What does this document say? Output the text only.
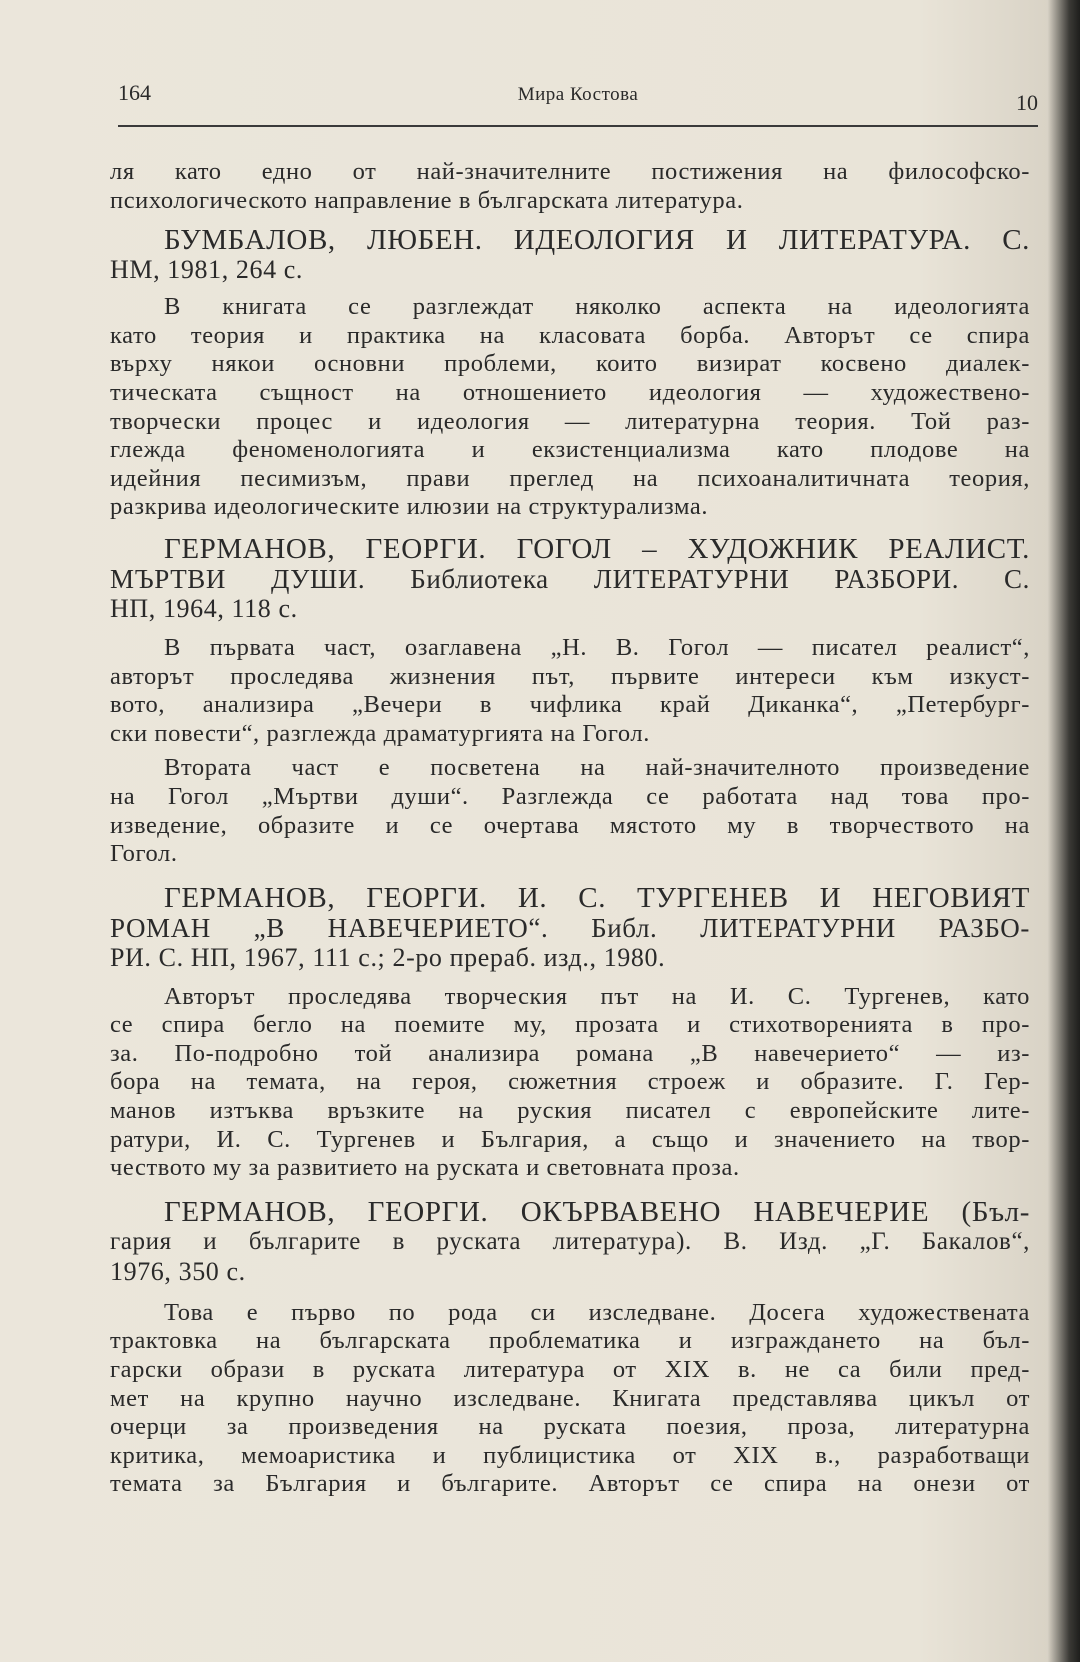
164	Мира Костова	10

ля като едно от най-значителните постижения на философско-

психологическото направление в българската литература.

БУМБАЛОВ, ЛЮБЕН. ИДЕОЛОГИЯ И ЛИТЕРАТУРА. С.

НМ, 1981, 264 с.

В книгата се разглеждат няколко аспекта на идеологията

като теория и практика на класовата борба. Авторът се спира

върху някои основни проблеми, които визират косвено диалек-

тическата същност на отношението идеология — художествено-

творчески процес и идеология — литературна теория. Той раз-

глежда феноменологията и екзистенциализма като плодове на

идейния песимизъм, прави преглед на психоаналитичната теория,

разкрива идеологическите илюзии на структурализма.

ГЕРМАНОВ, ГЕОРГИ. ГОГОЛ – ХУДОЖНИК РЕАЛИСТ.

МЪРТВИ ДУШИ. Библиотека ЛИТЕРАТУРНИ РАЗБОРИ. С.

НП, 1964, 118 с.

В първата част, озаглавена „Н. В. Гогол — писател реалист“,

авторът проследява жизнения път, първите интереси към изкуст-

вото, анализира „Вечери в чифлика край Диканка“, „Петербург-

ски повести“, разглежда драматургията на Гогол.

Втората част е посветена на най-значителното произведение

на Гогол „Мъртви души“. Разглежда се работата над това про-

изведение, образите и се очертава мястото му в творчеството на

Гогол.

ГЕРМАНОВ, ГЕОРГИ. И. С. ТУРГЕНЕВ И НЕГОВИЯТ

РОМАН „В НАВЕЧЕРИЕТО“. Библ. ЛИТЕРАТУРНИ РАЗБО-

РИ. С. НП, 1967, 111 с.; 2-ро прераб. изд., 1980.

Авторът проследява творческия път на И. С. Тургенев, като

се спира бегло на поемите му, прозата и стихотворенията в про-

за. По-подробно той анализира романа „В навечерието“ — из-

бора на темата, на героя, сюжетния строеж и образите. Г. Гер-

манов изтъква връзките на руския писател с европейските лите-

ратури, И. С. Тургенев и България, а също и значението на твор-

чеството му за развитието на руската и световната проза.

ГЕРМАНОВ, ГЕОРГИ. ОКЪРВАВЕНО НАВЕЧЕРИЕ (Бъл-

гария и българите в руската литература). В. Изд. „Г. Бакалов“,

1976, 350 с.

Това е първо по рода си изследване. Досега художествената

трактовка на българската проблематика и изграждането на бъл-

гарски образи в руската литература от XIX в. не са били пред-

мет на крупно научно изследване. Книгата представлява цикъл от

очерци за произведения на руската поезия, проза, литературна

критика, мемоаристика и публицистика от XIX в., разработващи

темата за България и българите. Авторът се спира на онези от
